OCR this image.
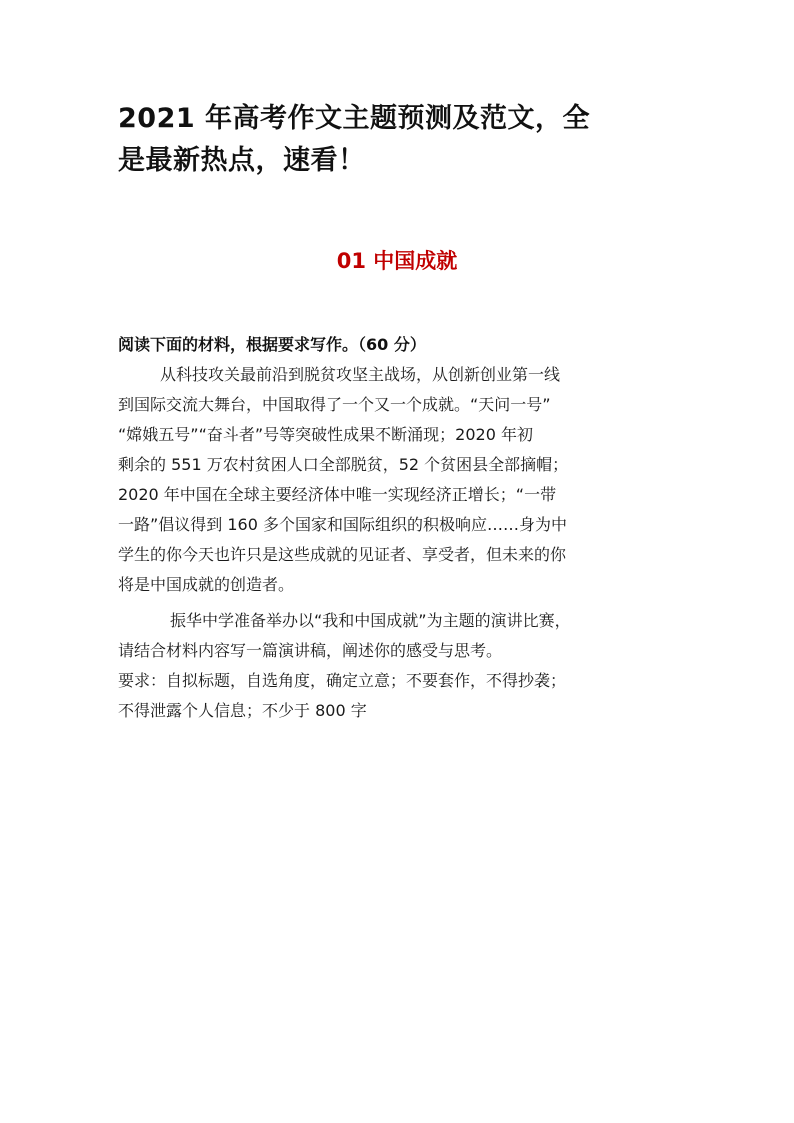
2021 年高考作文主题预测及范文，全
是最新热点，速看！
01 中国成就

阅读下面的材料，根据要求写作。（60 分）

从科技攻关最前沿到脱贫攻坚主战场，从创新创业第一线
到国际交流大舞台，中国取得了一个又一个成就。“天问一号”
“嫦娥五号”“奋斗者”号等突破性成果不断涌现；2020 年初
剩余的 551 万农村贫困人口全部脱贫，52 个贫困县全部摘帽；
2020 年中国在全球主要经济体中唯一实现经济正增长；“一带
一路”倡议得到 160 多个国家和国际组织的积极响应……身为中
学生的你今天也许只是这些成就的见证者、享受者，但未来的你
将是中国成就的创造者。

振华中学准备举办以“我和中国成就”为主题的演讲比赛，
请结合材料内容写一篇演讲稿，阐述你的感受与思考。

要求：自拟标题，自选角度，确定立意；不要套作，不得抄袭；
不得泄露个人信息；不少于 800 字
